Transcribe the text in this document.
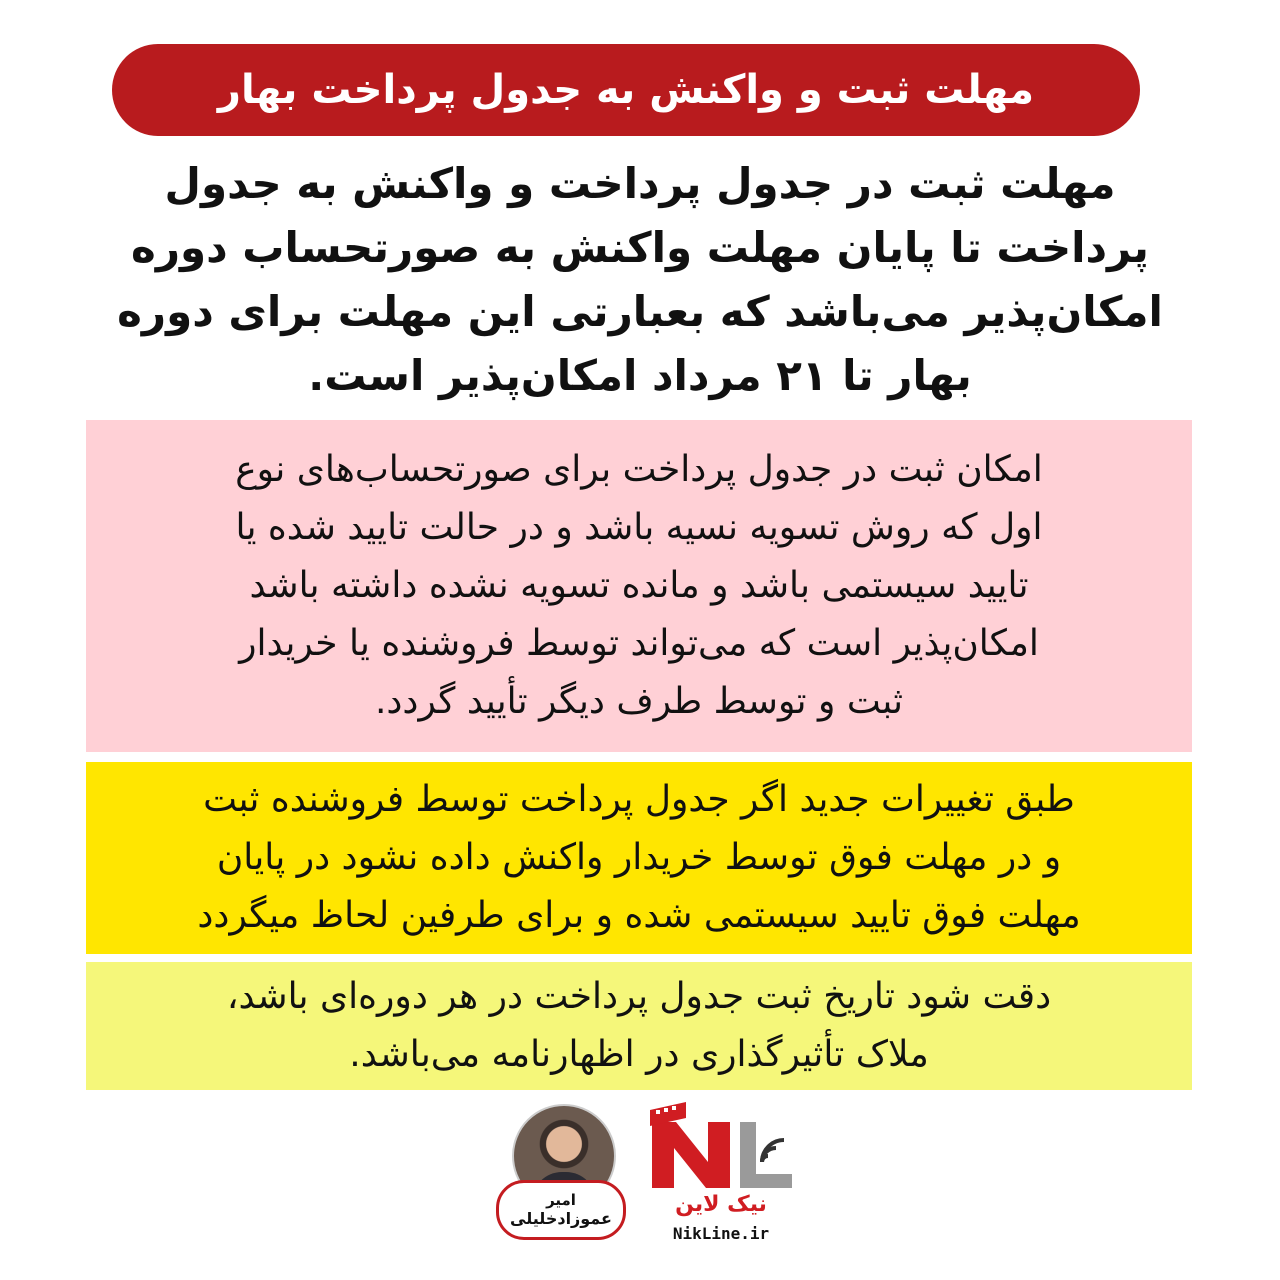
مهلت ثبت و واکنش به جدول پرداخت بهار
مهلت ثبت در جدول پرداخت و واکنش به جدول
پرداخت تا پایان مهلت واکنش به صورتحساب دوره
امکان‌پذیر می‌باشد که بعبارتی این مهلت برای دوره
بهار تا ۲۱ مرداد امکان‌پذیر است.

امکان ثبت در جدول پرداخت برای صورتحساب‌های نوع

اول که روش تسویه نسیه باشد و در حالت تایید شده یا

تایید سیستمی باشد و مانده تسویه نشده داشته باشد

امکان‌پذیر است که می‌تواند توسط فروشنده یا خریدار

ثبت و توسط طرف دیگر تأیید گردد.

طبق تغییرات جدید اگر جدول پرداخت توسط فروشنده ثبت

و در مهلت فوق توسط خریدار واکنش داده نشود در پایان

مهلت فوق تایید سیستمی شده و برای طرفین لحاظ میگردد

دقت شود تاریخ ثبت جدول پرداخت در هر دوره‌ای باشد،

ملاک تأثیرگذاری در اظهارنامه می‌باشد.

امیر
عموزادخلیلی
نیک لاین
NikLine.ir
